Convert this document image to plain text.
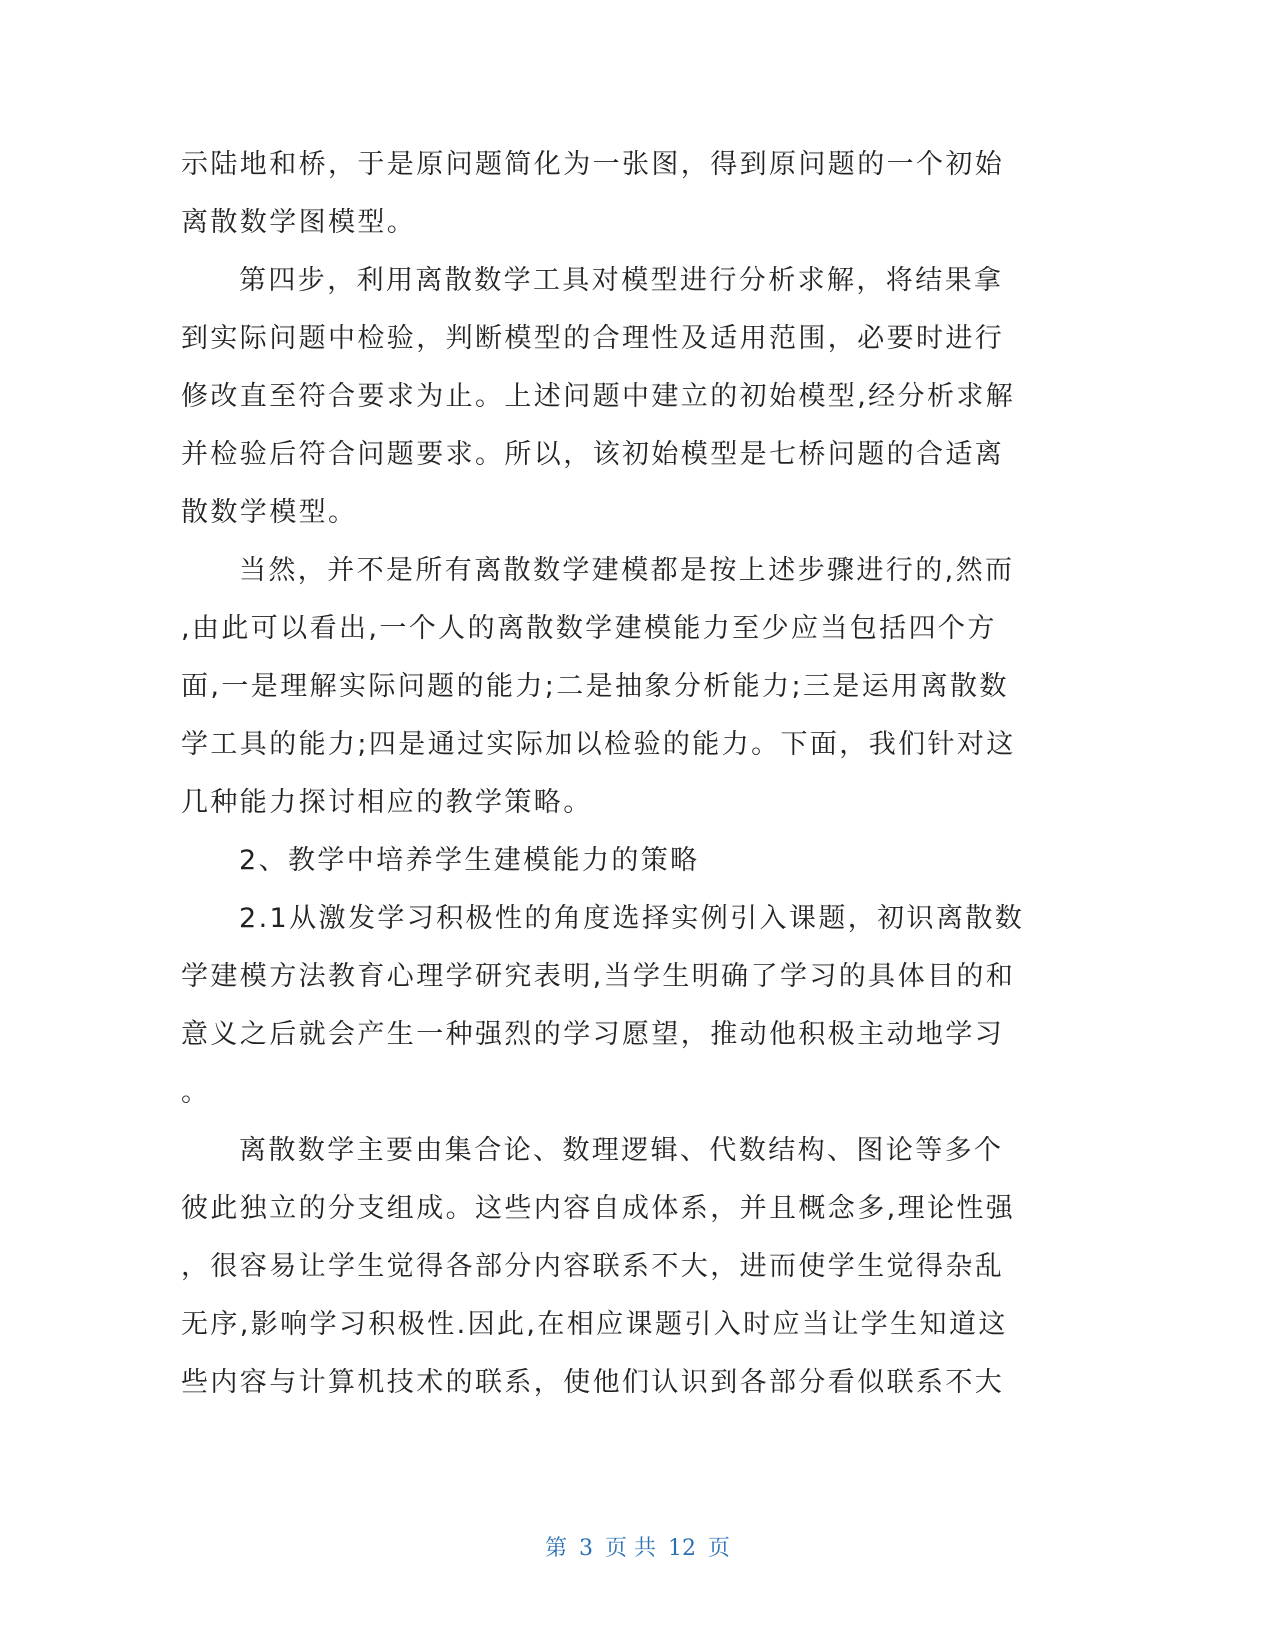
示陆地和桥，于是原问题简化为一张图，得到原问题的一个初始
离散数学图模型。
第四步，利用离散数学工具对模型进行分析求解，将结果拿
到实际问题中检验，判断模型的合理性及适用范围，必要时进行
修改直至符合要求为止。上述问题中建立的初始模型,经分析求解
并检验后符合问题要求。所以，该初始模型是七桥问题的合适离
散数学模型。
当然，并不是所有离散数学建模都是按上述步骤进行的,然而
,由此可以看出,一个人的离散数学建模能力至少应当包括四个方
面,一是理解实际问题的能力;二是抽象分析能力;三是运用离散数
学工具的能力;四是通过实际加以检验的能力。下面，我们针对这
几种能力探讨相应的教学策略。
2、教学中培养学生建模能力的策略
2.1从激发学习积极性的角度选择实例引入课题，初识离散数
学建模方法教育心理学研究表明,当学生明确了学习的具体目的和
意义之后就会产生一种强烈的学习愿望，推动他积极主动地学习
。
离散数学主要由集合论、数理逻辑、代数结构、图论等多个
彼此独立的分支组成。这些内容自成体系，并且概念多,理论性强
，很容易让学生觉得各部分内容联系不大，进而使学生觉得杂乱
无序,影响学习积极性.因此,在相应课题引入时应当让学生知道这
些内容与计算机技术的联系，使他们认识到各部分看似联系不大
第 3 页 共 12 页
